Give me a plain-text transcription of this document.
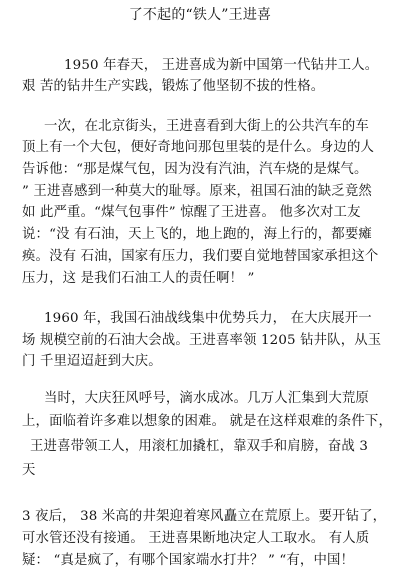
了不起的“铁人”王进喜
1950 年春天， 王进喜成为新中国第一代钻井工人。
艰 苦的钻井生产实践，锻炼了他坚韧不拔的性格。
一次，在北京街头，王进喜看到大街上的公共汽车的车
顶上有一个大包，便好奇地问那包里装的是什么。身边的人
告诉他：“那是煤气包，因为没有汽油，汽车烧的是煤气。
” 王进喜感到一种莫大的耻辱。原来，祖国石油的缺乏竟然
如 此严重。“煤气包事件” 惊醒了王进喜。 他多次对工友
说：“没 有石油，天上飞的，地上跑的，海上行的，都要瘫
痪。没有 石油，国家有压力，我们要自觉地替国家承担这个
压力，这 是我们石油工人的责任啊！ ”
1960 年，我国石油战线集中优势兵力， 在大庆展开一
场 规模空前的石油大会战。王进喜率领 1205 钻井队，从玉
门 千里迢迢赶到大庆。
当时，大庆狂风呼号，滴水成冰。几万人汇集到大荒原
上，面临着许多难以想象的困难。 就是在这样艰难的条件下，
王进喜带领工人，用滚杠加撬杠，靠双手和肩膀，奋战 3
天
3 夜后， 38 米高的井架迎着寒风矗立在荒原上。要开钻了，
可水管还没有接通。 王进喜果断地决定人工取水。 有人质
疑： “真是疯了，有哪个国家端水打井？ ” “有，中国！
